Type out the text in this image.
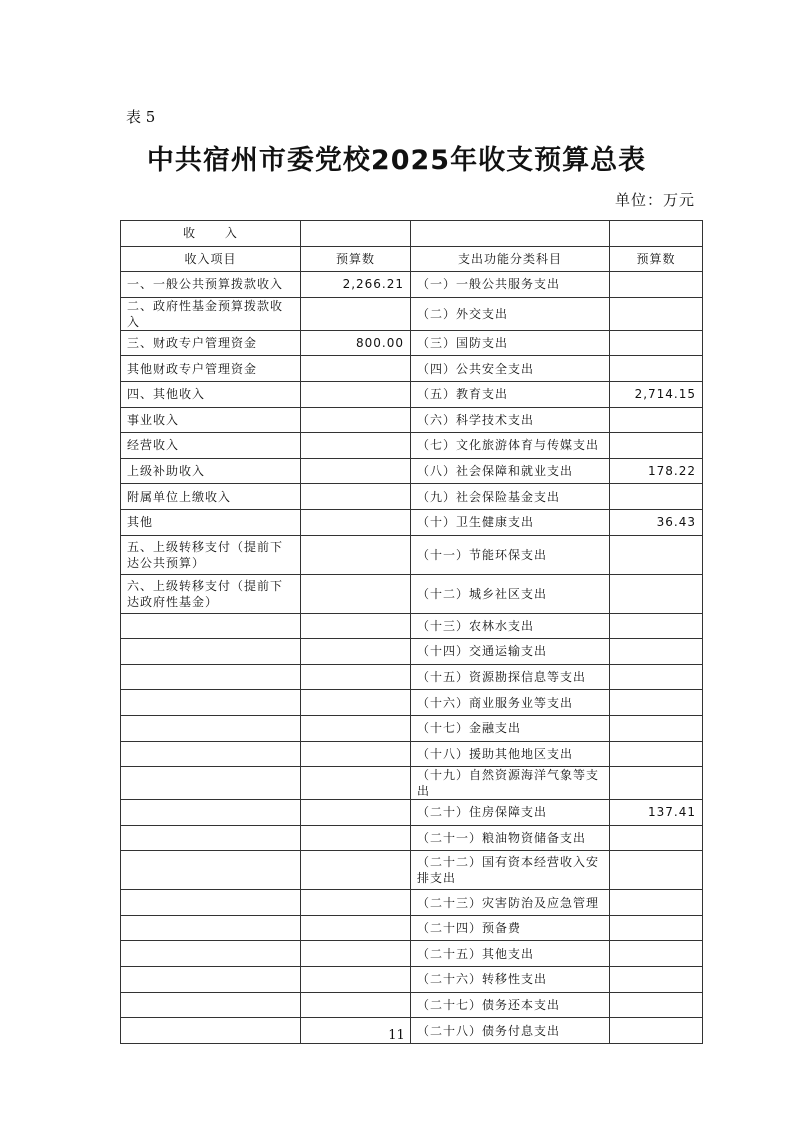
表 5
中共宿州市委党校2025年收支预算总表
单位：万元
收      入			
收入项目	预算数	支出功能分类科目	预算数
一、一般公共预算拨款收入	2,266.21	（一）一般公共服务支出	
二、政府性基金预算拨款收入		（二）外交支出	
三、财政专户管理资金	800.00	（三）国防支出	
其他财政专户管理资金		（四）公共安全支出	
四、其他收入		（五）教育支出	2,714.15
事业收入		（六）科学技术支出	
经营收入		（七）文化旅游体育与传媒支出	
上级补助收入		（八）社会保障和就业支出	178.22
附属单位上缴收入		（九）社会保险基金支出	
其他		（十）卫生健康支出	36.43
五、上级转移支付（提前下达公共预算）		（十一）节能环保支出	
六、上级转移支付（提前下达政府性基金）		（十二）城乡社区支出	
		（十三）农林水支出	
		（十四）交通运输支出	
		（十五）资源勘探信息等支出	
		（十六）商业服务业等支出	
		（十七）金融支出	
		（十八）援助其他地区支出	
		（十九）自然资源海洋气象等支出	
		（二十）住房保障支出	137.41
		（二十一）粮油物资储备支出	
		（二十二）国有资本经营收入安排支出	
		（二十三）灾害防治及应急管理	
		（二十四）预备费	
		（二十五）其他支出	
		（二十六）转移性支出	
		（二十七）债务还本支出	
		（二十八）债务付息支出	
11
